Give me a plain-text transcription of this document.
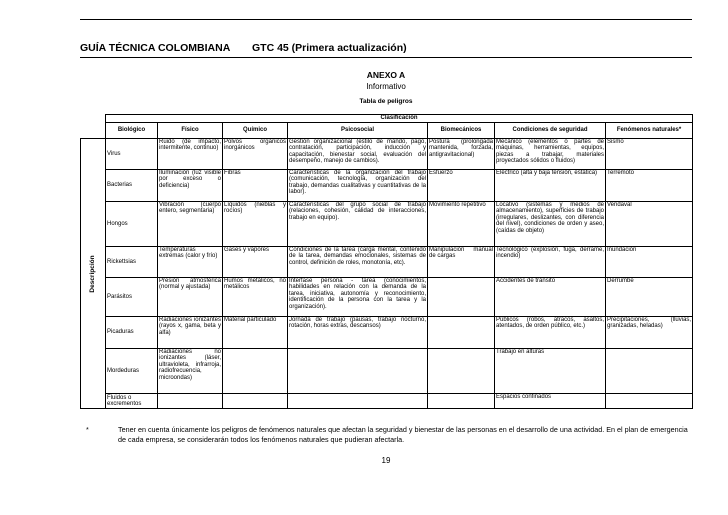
GUÍA TÉCNICA COLOMBIANA GTC 45 (Primera actualización)
ANEXO A
Informativo
Tabla de peligros
	Clasificación						
	Biológico	Físico	Químico	Psicosocial	Biomecánicos	Condiciones de seguridad	Fenómenos naturales*

Descripción	Virus	Ruido (de impacto, intermitente, continuo)	Polvos orgánicos inorgánicos	Gestión organizacional (estilo de mando, pago, contratación, participación, inducción y capacitación, bienestar social, evaluación del desempeño, manejo de cambios).	Postura (prolongada mantenida, forzada, antigravitacional)	Mecánico (elementos o partes de máquinas, herramientas, equipos, piezas a trabajar, materiales proyectados sólidos o fluidos)	Sismo
	Bacterias	Iluminación (luz visible por exceso o deficiencia)	Fibras	Características de la organización del trabajo (comunicación, tecnología, organización del trabajo, demandas cualitativas y cuantitativas de la labor).	Esfuerzo	Eléctrico (alta y baja tensión, estática)	Terremoto
	Hongos	Vibración (cuerpo entero, segmentaria)	Líquidos (nieblas y rocíos)	Características del grupo social de trabajo (relaciones, cohesión, calidad de interacciones, trabajo en equipo).	Movimiento repetitivo	Locativo (sistemas y medios de almacenamiento), superficies de trabajo (irregulares, deslizantes, con diferencia del nivel), condiciones de orden y aseo, (caídas de objeto)	Vendaval
	Rickettsias	Temperaturas extremas (calor y frío)	Gases y vapores	Condiciones de la tarea (carga mental, contenido de la tarea, demandas emocionales, sistemas de control, definición de roles, monotonía, etc).	Manipulación manual de cargas	Tecnológico (explosión, fuga, derrame, incendio)	Inundación
	Parásitos	Presión atmosférica (normal y ajustada)	Humos metálicos, no metálicos	Interfase persona - tarea (conocimientos, habilidades en relación con la demanda de la tarea, iniciativa, autonomía y reconocimiento, identificación de la persona con la tarea y la organización).		Accidentes de tránsito	Derrumbe
	Picaduras	Radiaciones ionizantes (rayos x, gama, beta y alfa)	Material particulado	Jornada de trabajo (pausas, trabajo nocturno, rotación, horas extras, descansos)		Públicos (robos, atracos, asaltos, atentados, de orden público, etc.)	Precipitaciones, (lluvias, granizadas, heladas)
	Mordeduras	Radiaciones no ionizantes (láser, ultravioleta, infrarroja, radiofrecuencia, microondas)				Trabajo en alturas	
	Fluidos o excrementos					Espacios confinados	
*	Tener en cuenta únicamente los peligros de fenómenos naturales que afectan la seguridad y bienestar de las personas en el desarrollo de una actividad. En el plan de emergencia de cada empresa, se considerarán todos los fenómenos naturales que pudieran afectarla.
19
